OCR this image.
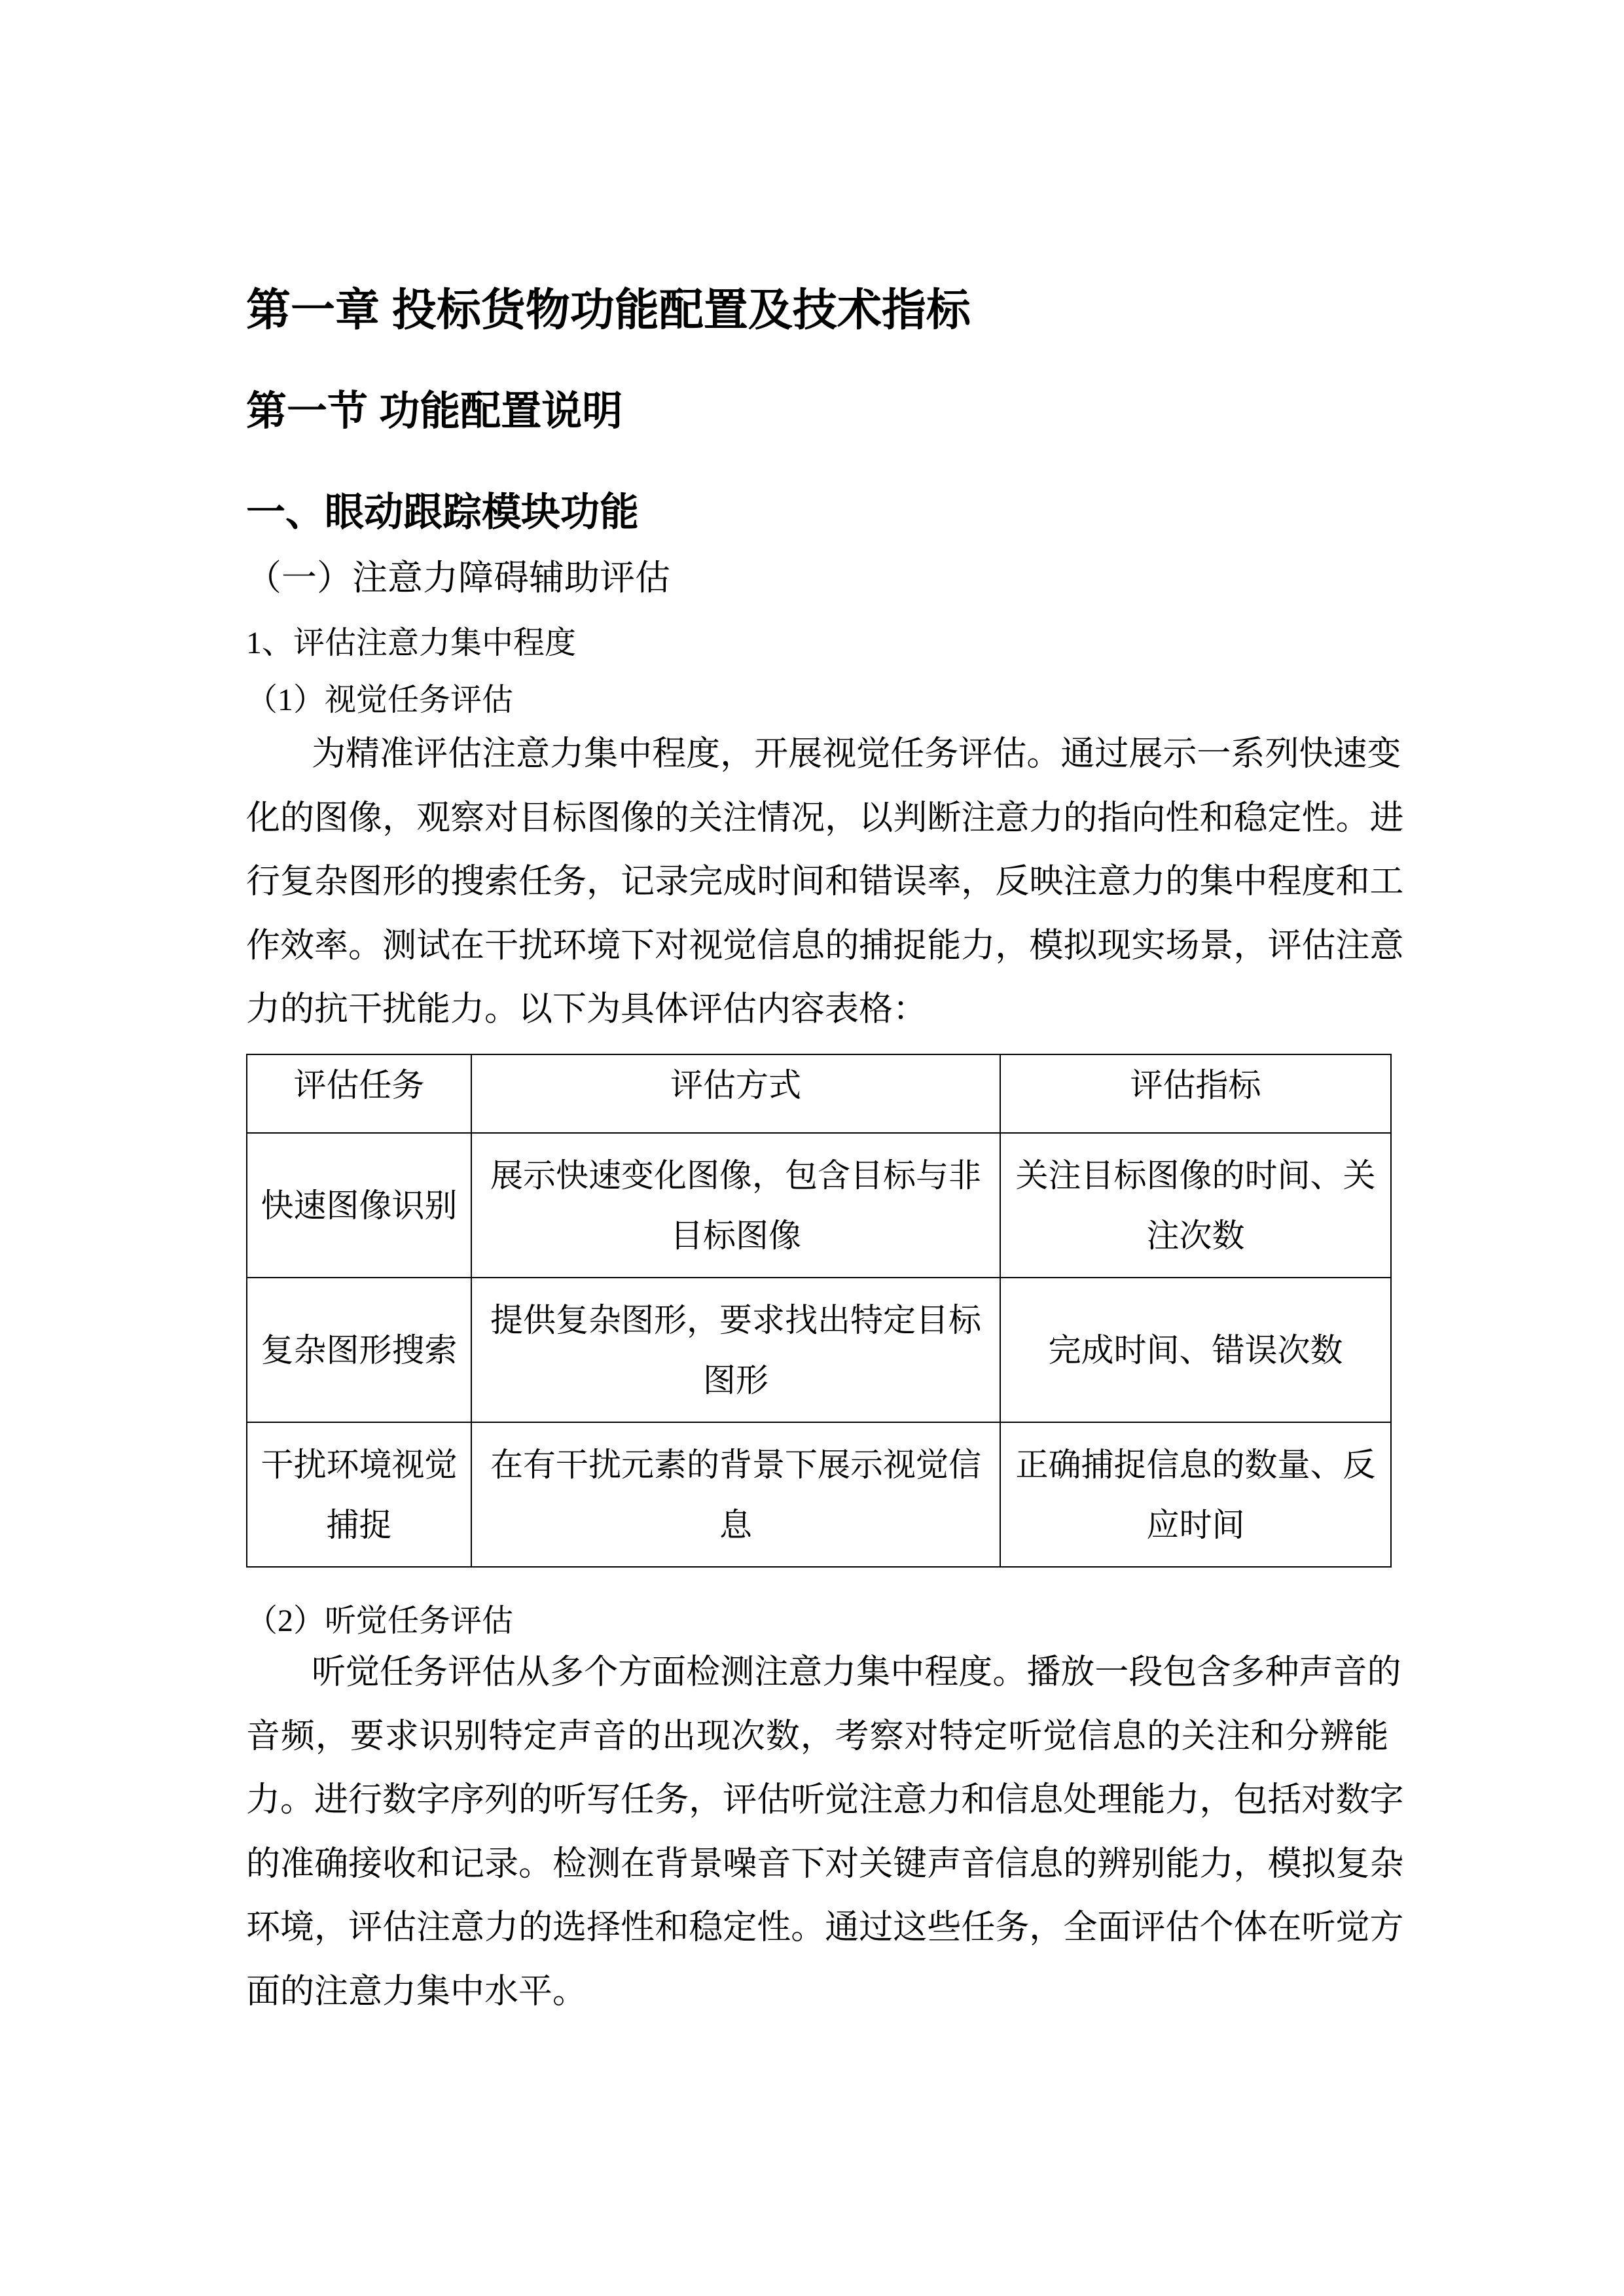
第一章 投标货物功能配置及技术指标
第一节 功能配置说明
一、眼动跟踪模块功能
（一）注意力障碍辅助评估
1、评估注意力集中程度
（1）视觉任务评估
为 精 准 评 估 注 意 力 集 中 程 度 ， 开 展 视 觉 任 务 评 估 。 通 过 展 示 一 系 列 快 速 变
化 的 图 像 ， 观 察 对 目 标 图 像 的 关 注 情 况 ， 以 判 断 注 意 力 的 指 向 性 和 稳 定 性 。 进
行 复 杂 图 形 的 搜 索 任 务 ， 记 录 完 成 时 间 和 错 误 率 ， 反 映 注 意 力 的 集 中 程 度 和 工
作 效 率 。 测 试 在 干 扰 环 境 下 对 视 觉 信 息 的 捕 捉 能 力 ， 模 拟 现 实 场 景 ， 评 估 注 意
力的抗干扰能力。以下为具体评估内容表格：
评估任务	评估方式	评估指标
快速图像识别	展示快速变化图像，包含目标与非目标图像	关注目标图像的时间、关注次数
复杂图形搜索	提供复杂图形，要求找出特定目标图形	完成时间、错误次数
干扰环境视觉捕捉	在有干扰元素的背景下展示视觉信息	正确捕捉信息的数量、反应时间
（2）听觉任务评估
听 觉 任 务 评 估 从 多 个 方 面 检 测 注 意 力 集 中 程 度 。 播 放 一 段 包 含 多 种 声 音 的
音 频 ， 要 求 识 别 特 定 声 音 的 出 现 次 数 ， 考 察 对 特 定 听 觉 信 息 的 关 注 和 分 辨 能
力 。 进 行 数 字 序 列 的 听 写 任 务 ， 评 估 听 觉 注 意 力 和 信 息 处 理 能 力 ， 包 括 对 数 字
的 准 确 接 收 和 记 录 。 检 测 在 背 景 噪 音 下 对 关 键 声 音 信 息 的 辨 别 能 力 ， 模 拟 复 杂
环 境 ， 评 估 注 意 力 的 选 择 性 和 稳 定 性 。 通 过 这 些 任 务 ， 全 面 评 估 个 体 在 听 觉 方
面的注意力集中水平。
